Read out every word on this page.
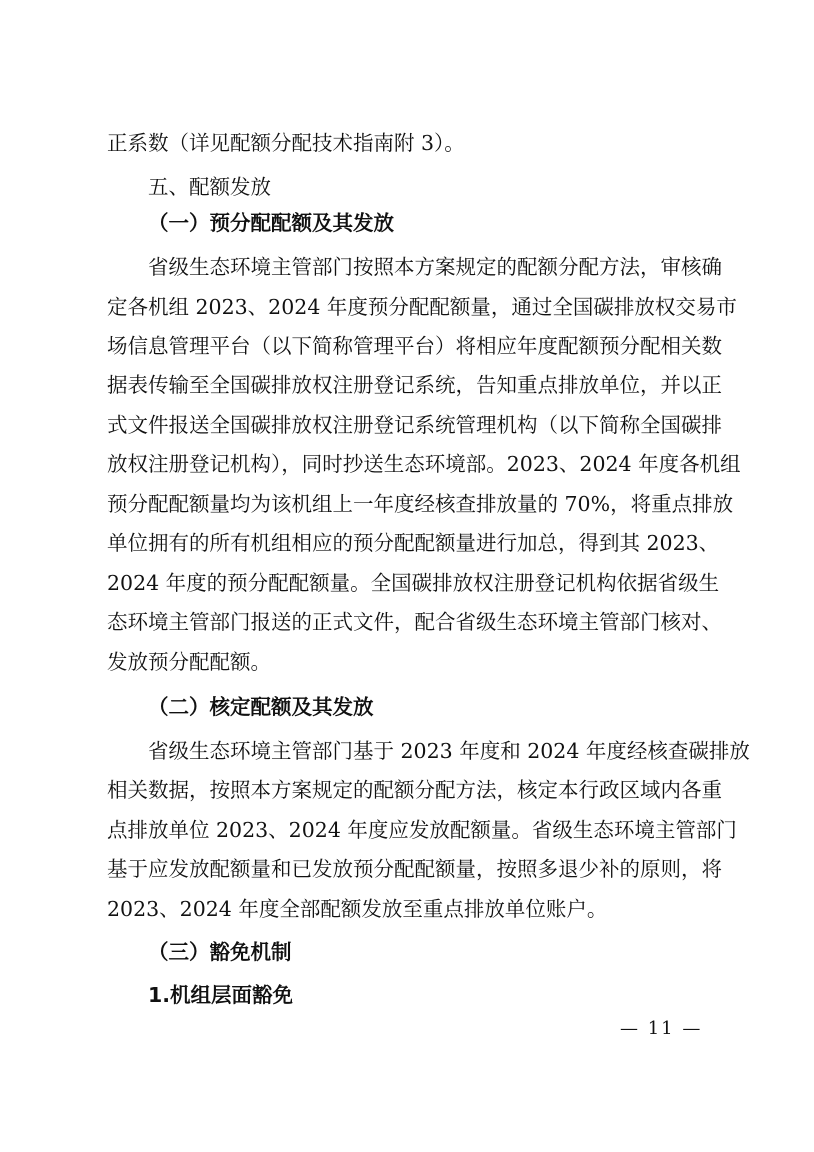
正系数（详见配额分配技术指南附 3）。
五、配额发放
（一）预分配配额及其发放
省级生态环境主管部门按照本方案规定的配额分配方法，审核确
定各机组 2023、2024 年度预分配配额量，通过全国碳排放权交易市
场信息管理平台（以下简称管理平台）将相应年度配额预分配相关数
据表传输至全国碳排放权注册登记系统，告知重点排放单位，并以正
式文件报送全国碳排放权注册登记系统管理机构（以下简称全国碳排
放权注册登记机构），同时抄送生态环境部。2023、2024 年度各机组
预分配配额量均为该机组上一年度经核查排放量的 70%，将重点排放
单位拥有的所有机组相应的预分配配额量进行加总，得到其 2023、
2024 年度的预分配配额量。全国碳排放权注册登记机构依据省级生
态环境主管部门报送的正式文件，配合省级生态环境主管部门核对、
发放预分配配额。
（二）核定配额及其发放
省级生态环境主管部门基于 2023 年度和 2024 年度经核查碳排放
相关数据，按照本方案规定的配额分配方法，核定本行政区域内各重
点排放单位 2023、2024 年度应发放配额量。省级生态环境主管部门
基于应发放配额量和已发放预分配配额量，按照多退少补的原则，将
2023、2024 年度全部配额发放至重点排放单位账户。
（三）豁免机制
1.机组层面豁免
— 11 —
